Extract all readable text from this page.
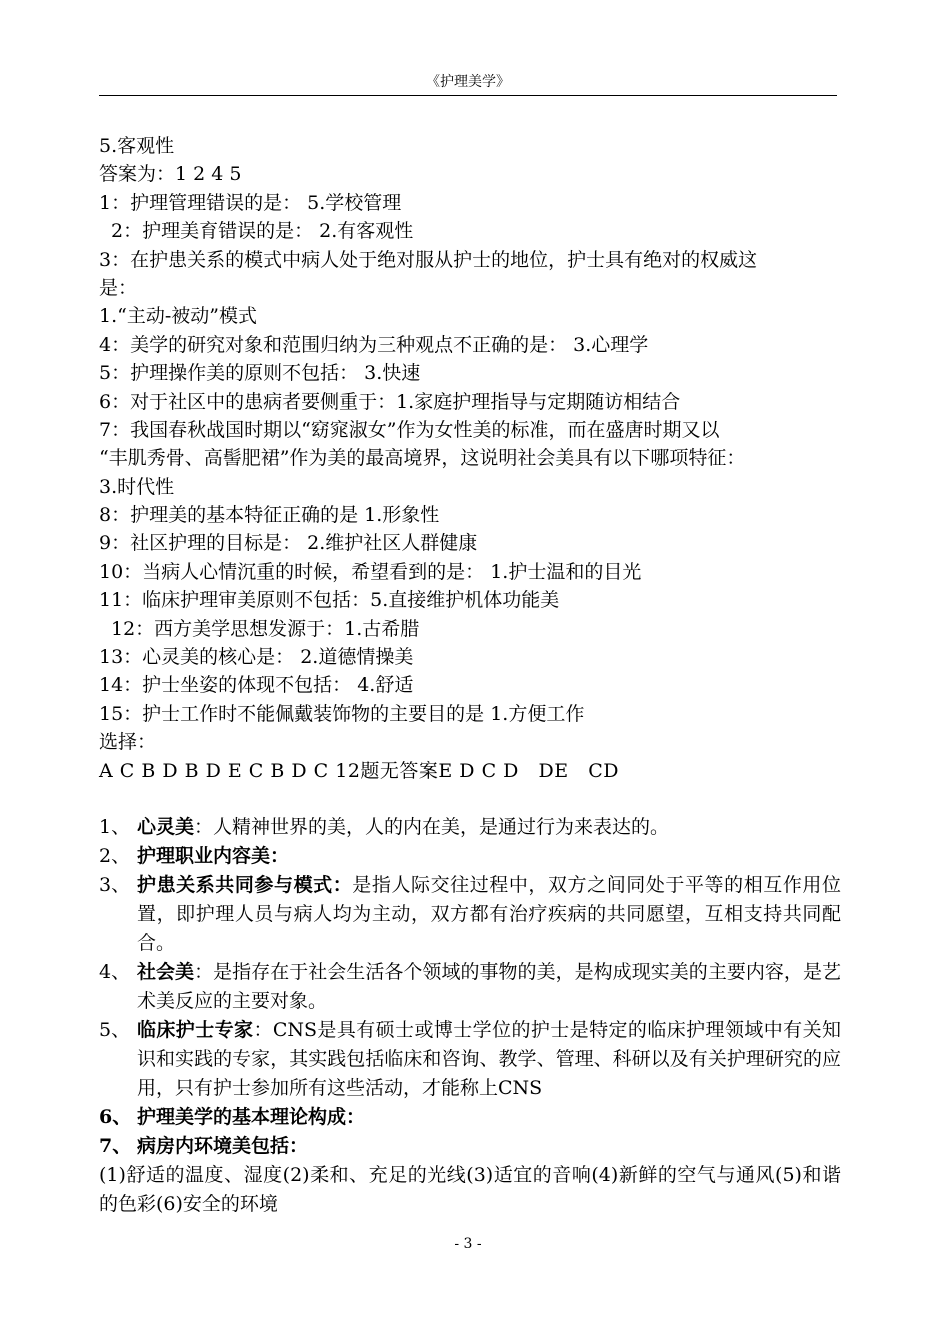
《护理美学》
5.客观性
答案为：1 2 4 5
1：护理管理错误的是： 5.学校管理
2：护理美育错误的是： 2.有客观性
3：在护患关系的模式中病人处于绝对服从护士的地位，护士具有绝对的权威这
是：
1.“主动-被动”模式
4：美学的研究对象和范围归纳为三种观点不正确的是： 3.心理学
5：护理操作美的原则不包括： 3.快速
6：对于社区中的患病者要侧重于：1.家庭护理指导与定期随访相结合
7：我国春秋战国时期以“窈窕淑女”作为女性美的标准，而在盛唐时期又以
“丰肌秀骨、高髻肥裙”作为美的最高境界，这说明社会美具有以下哪项特征：
3.时代性
8：护理美的基本特征正确的是 1.形象性
9：社区护理的目标是： 2.维护社区人群健康
10：当病人心情沉重的时候，希望看到的是： 1.护士温和的目光
11：临床护理审美原则不包括：5.直接维护机体功能美
12：西方美学思想发源于：1.古希腊
13：心灵美的核心是： 2.道德情操美
14：护士坐姿的体现不包括： 4.舒适
15：护士工作时不能佩戴装饰物的主要目的是 1.方便工作
选择：
A C B D B D E C B D C 12题无答案E D C D   DE   CD
1、 心灵美：人精神世界的美，人的内在美，是通过行为来表达的。
2、 护理职业内容美：
3、 护患关系共同参与模式：是指人际交往过程中，双方之间同处于平等的相互作用位置，即护理人员与病人均为主动，双方都有治疗疾病的共同愿望，互相支持共同配合。
4、 社会美：是指存在于社会生活各个领域的事物的美，是构成现实美的主要内容，是艺术美反应的主要对象。
5、 临床护士专家：CNS是具有硕士或博士学位的护士是特定的临床护理领域中有关知识和实践的专家，其实践包括临床和咨询、教学、管理、科研以及有关护理研究的应用，只有护士参加所有这些活动，才能称上CNS
6、 护理美学的基本理论构成：
7、 病房内环境美包括：
(1)舒适的温度、湿度(2)柔和、充足的光线(3)适宜的音响(4)新鲜的空气与通风(5)和谐的色彩(6)安全的环境
- 3 -
